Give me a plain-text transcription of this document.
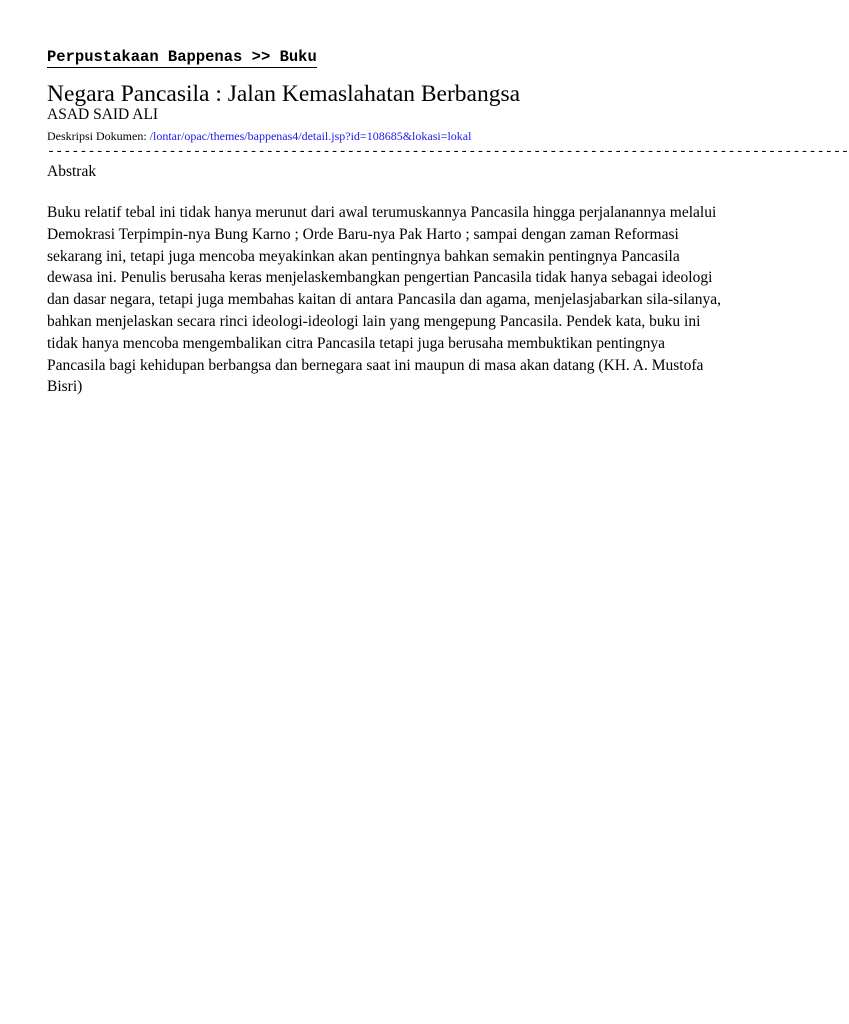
Perpustakaan Bappenas >> Buku
Negara Pancasila : Jalan Kemaslahatan Berbangsa
ASAD SAID ALI
Deskripsi Dokumen: /lontar/opac/themes/bappenas4/detail.jsp?id=108685&lokasi=lokal
---------------------------------------------------------------------------------------------------
Abstrak
Buku relatif tebal ini tidak hanya merunut dari awal terumuskannya Pancasila hingga perjalanannya melalui
Demokrasi Terpimpin-nya Bung Karno ; Orde Baru-nya Pak Harto ; sampai dengan zaman Reformasi
sekarang ini, tetapi juga mencoba meyakinkan akan pentingnya bahkan semakin pentingnya Pancasila
dewasa ini. Penulis berusaha keras menjelaskembangkan pengertian Pancasila tidak hanya sebagai ideologi
dan dasar negara, tetapi juga membahas kaitan di antara Pancasila dan agama, menjelasjabarkan sila-silanya,
bahkan menjelaskan secara rinci ideologi-ideologi lain yang mengepung Pancasila. Pendek kata, buku ini
tidak hanya mencoba mengembalikan citra Pancasila tetapi juga berusaha membuktikan pentingnya
Pancasila bagi kehidupan berbangsa dan bernegara saat ini maupun di masa akan datang (KH. A. Mustofa
Bisri)
